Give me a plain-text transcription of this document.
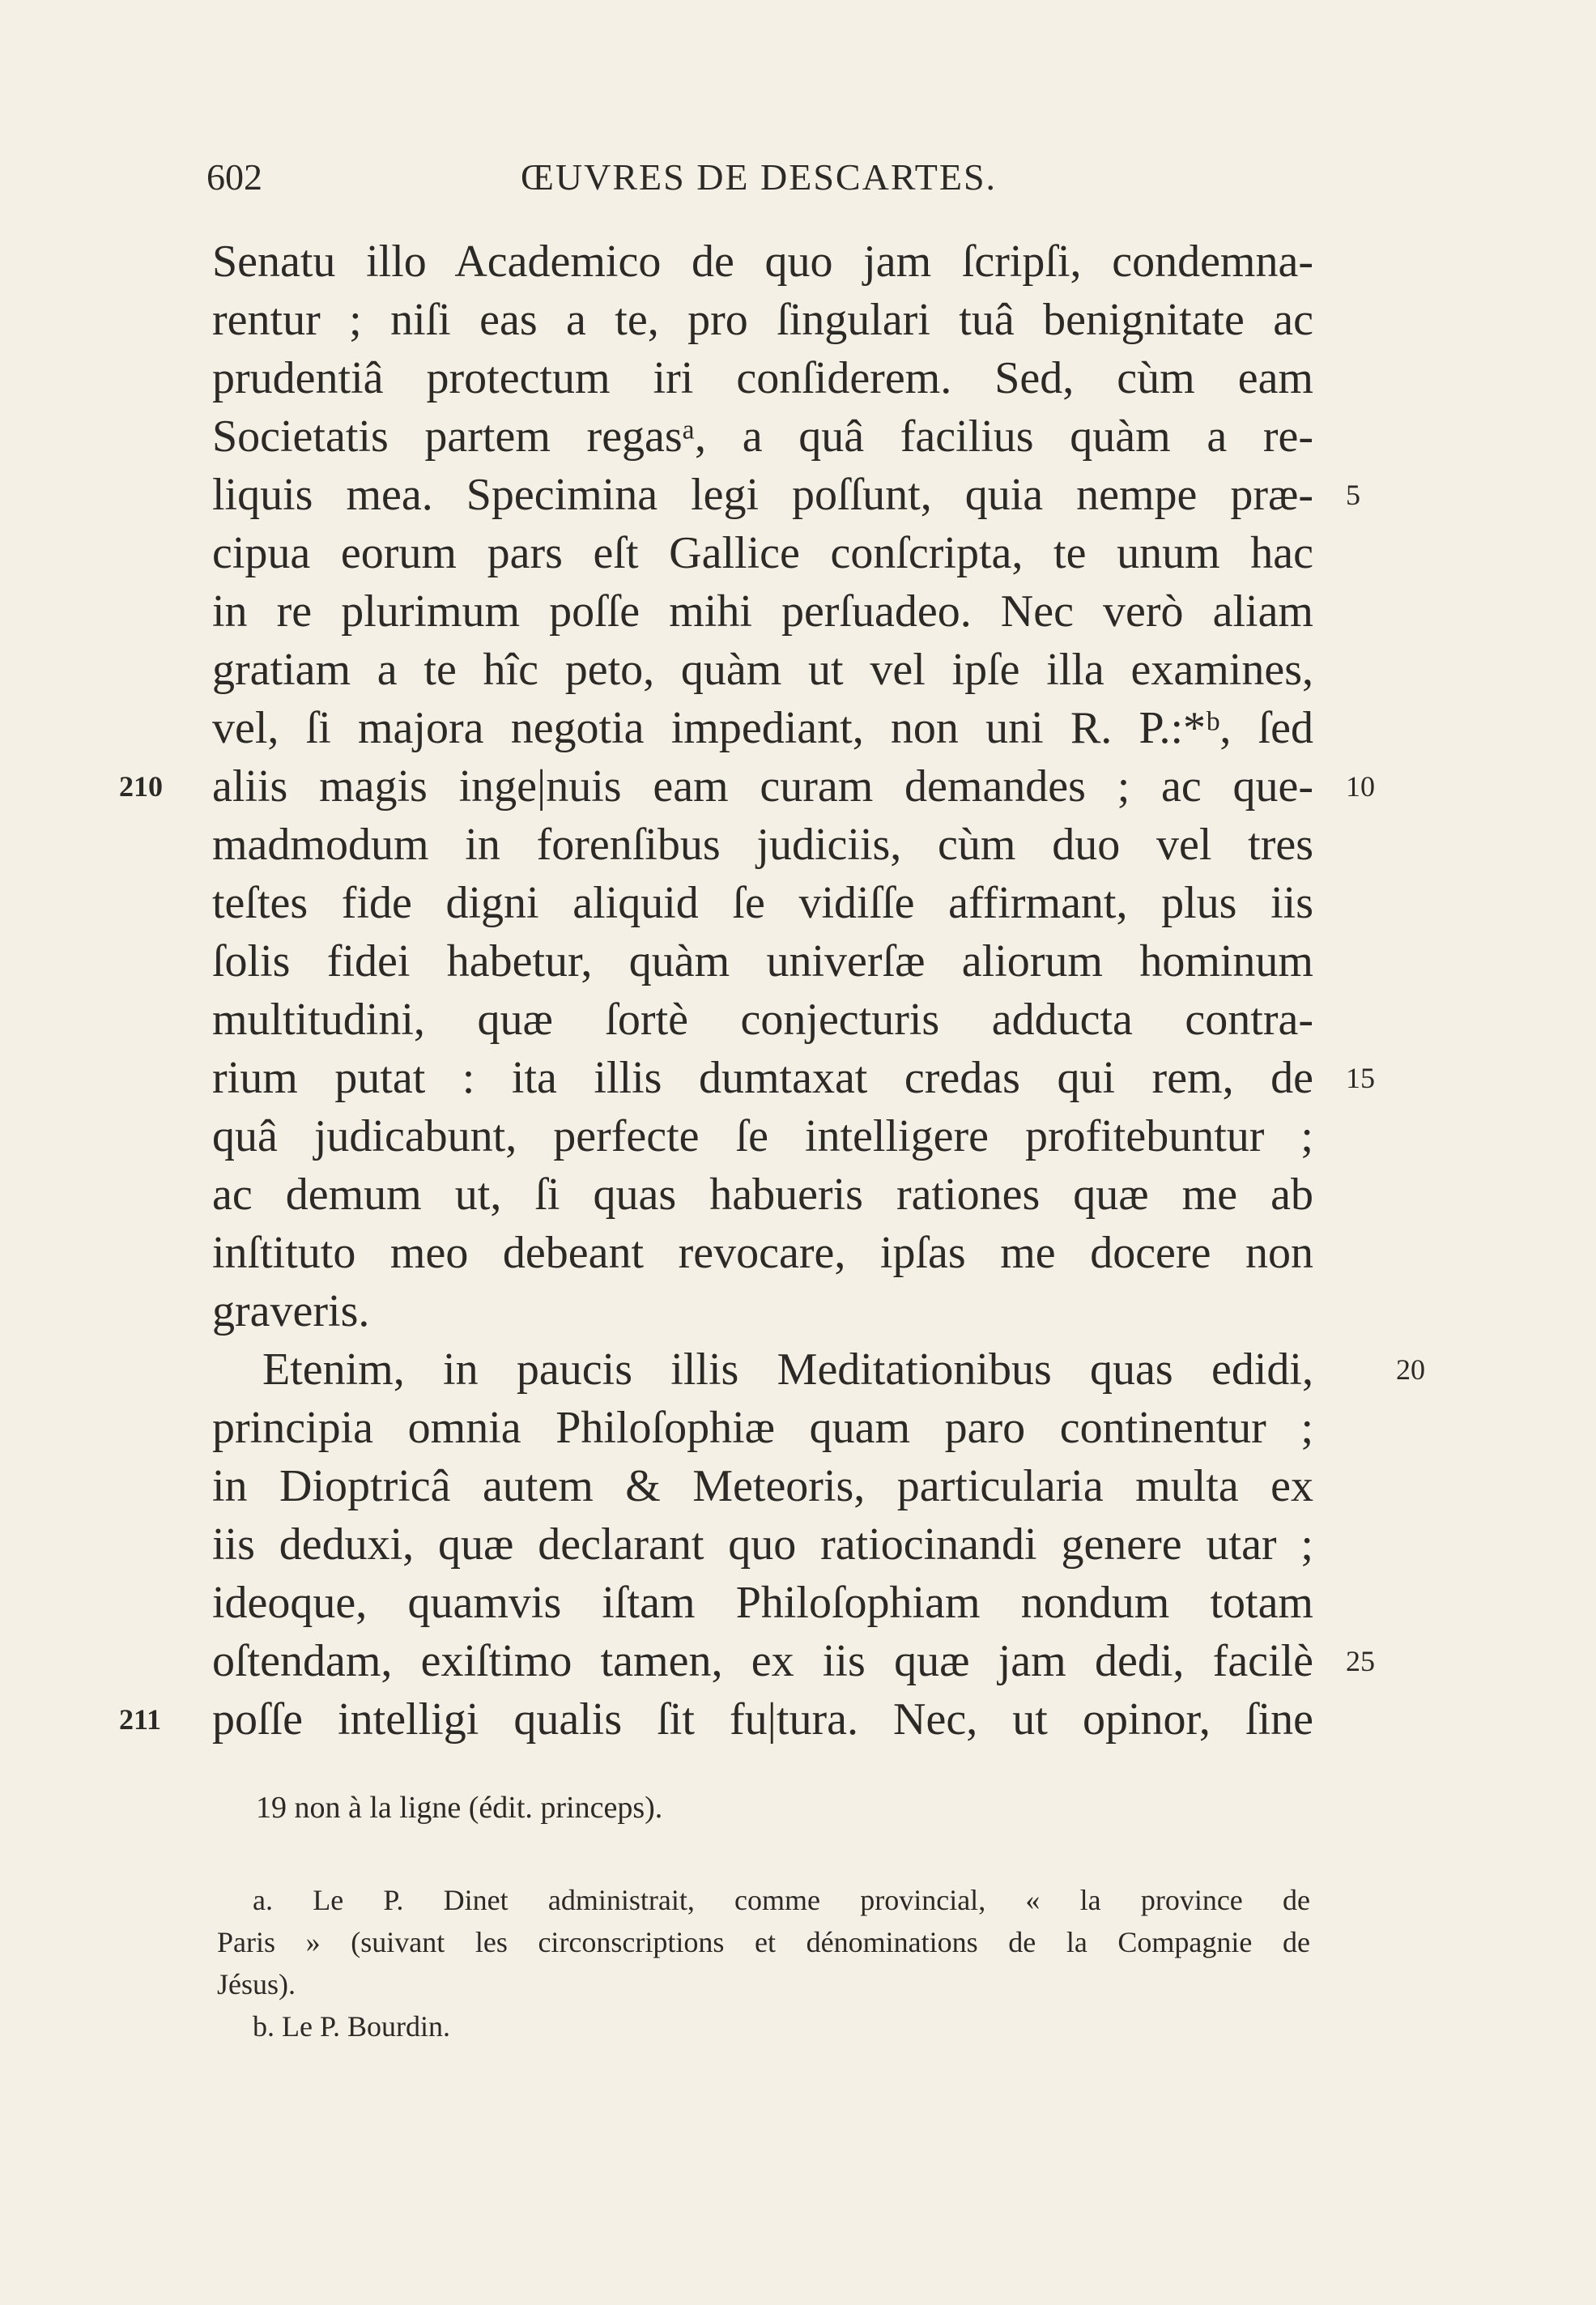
602	ŒUVRES DE DESCARTES.
Senatu illo Academico de quo jam ſcripſi, condemna-
rentur ; niſi eas a te, pro ſingulari tuâ benignitate ac
prudentiâ protectum iri conſiderem. Sed, cùm eam
Societatis partem regasᵃ, a quâ facilius quàm a re-
liquis mea. Specimina legi poſſunt, quia nempe præ- 5
cipua eorum pars eſt Gallice conſcripta, te unum hac
in re plurimum poſſe mihi perſuadeo. Nec verò aliam
gratiam a te hîc peto, quàm ut vel ipſe illa examines,
vel, ſi majora negotia impediant, non uni R. P.:*ᵇ, ſed
aliis magis inge|nuis eam curam demandes ; ac que- 10
210
madmodum in forenſibus judiciis, cùm duo vel tres
teſtes fide digni aliquid ſe vidiſſe affirmant, plus iis
ſolis fidei habetur, quàm univerſæ aliorum hominum
multitudini, quæ ſortè conjecturis adducta contra-
rium putat : ita illis dumtaxat credas qui rem, de 15
quâ judicabunt, perfecte ſe intelligere profitebuntur ;
ac demum ut, ſi quas habueris rationes quæ me ab
inſtituto meo debeant revocare, ipſas me docere non
graveris.
Etenim, in paucis illis Meditationibus quas edidi,	20
principia omnia Philoſophiæ quam paro continentur ;
in Dioptricâ autem & Meteoris, particularia multa ex
iis deduxi, quæ declarant quo ratiocinandi genere utar ;
ideoque, quamvis iſtam Philoſophiam nondum totam
oſtendam, exiſtimo tamen, ex iis quæ jam dedi, facilè 25
poſſe intelligi qualis ſit fu|tura. Nec, ut opinor, ſine
211
19 non à la ligne (édit. princeps).
a. Le P. Dinet administrait, comme provincial, « la province de
Paris » (suivant les circonscriptions et dénominations de la Compagnie de
Jésus).
b. Le P. Bourdin.
